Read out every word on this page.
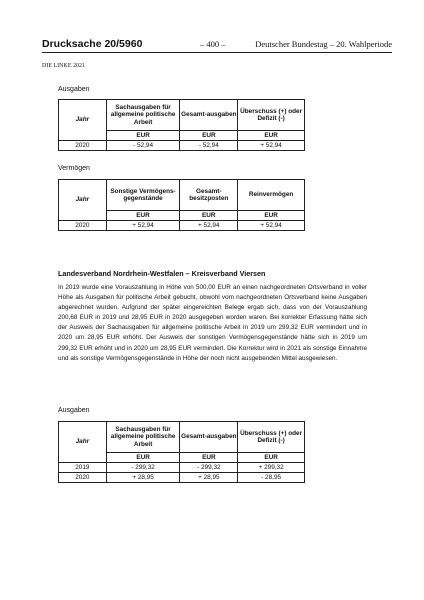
Drucksache 20/5960	– 400 –	Deutscher Bundestag – 20. Wahlperiode
DIE LINKE 2021
Ausgaben
Jahr	Sachausgaben für allgemeine politische Arbeit	Gesamt-ausgaben	Überschuss (+) oder Defizit (-)
	EUR	EUR	EUR
2020	- 52,94	- 52,94	+ 52,94
Vermögen
Jahr	Sonstige Vermögens-gegenstände	Gesamt-besitzposten	Reinvermögen
	EUR	EUR	EUR
2020	+ 52,94	+ 52,94	+ 52,94
Landesverband Nordrhein-Westfalen – Kreisverband Viersen

In 2019 wurde eine Vorauszahlung in Höhe von 500,00 EUR an einen nachgeordneten Ortsverband in voller Höhe als Ausgaben für politische Arbeit gebucht, obwohl vom nachgeordneten Ortsverband keine Ausgaben abgerechnet wurden. Aufgrund der später eingereichten Belege ergab sich, dass von der Vorauszahlung 200,68 EUR in 2019 und 28,95 EUR in 2020 ausgegeben worden waren. Bei korrekter Erfassung hätte sich der Ausweis der Sachausgaben für allgemeine politische Arbeit in 2019 um 299,32 EUR vermindert und in 2020 um 28,95 EUR erhöht. Der Ausweis der sonstigen Vermögensgegenstände hätte sich in 2019 um 299,32 EUR erhöht und in 2020 um 28,95 EUR vermindert. Die Korrektur wird in 2021 als sonstige Einnahme und als sonstige Vermögensgegenstände in Höhe der noch nicht ausgebenden Mittel ausgewiesen.

Ausgaben
Jahr	Sachausgaben für allgemeine politische Arbeit	Gesamt-ausgaben	Überschuss (+) oder Defizit (-)
	EUR	EUR	EUR
2019	- 299,32	- 299,32	+ 299,32
2020	+ 28,95	+ 28,95	- 28,95
